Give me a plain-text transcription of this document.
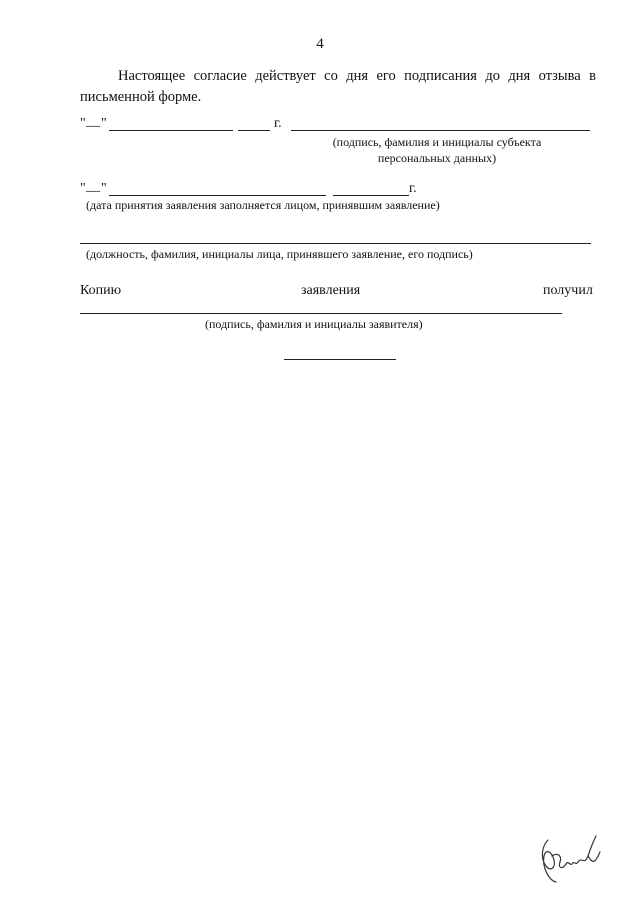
4
Настоящее согласие действует со дня его подписания до дня отзыва в письменной форме.
" __ "	г.
(подпись, фамилия и инициалы субъекта персональных данных)
" __ "	г.
(дата принятия заявления заполняется лицом, принявшим заявление)
(должность, фамилия, инициалы лица, принявшего заявление, его подпись)
Копию	заявления	получил
(подпись, фамилия и инициалы заявителя)
